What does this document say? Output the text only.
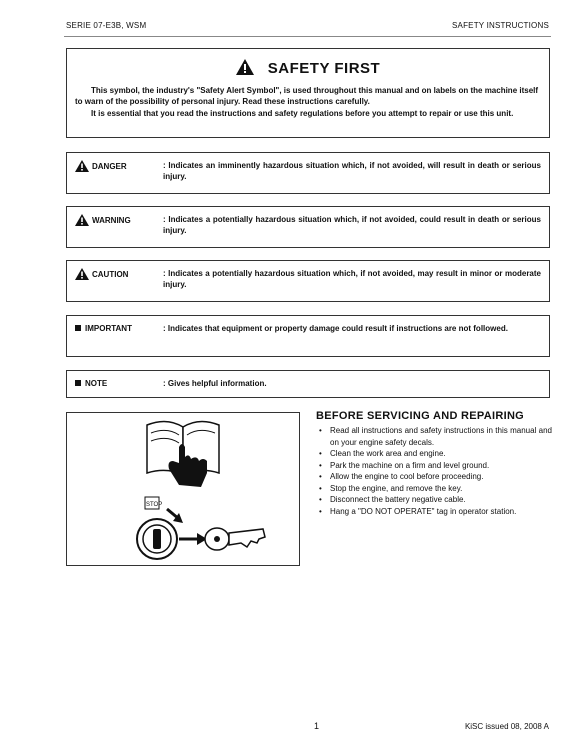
SERIE 07-E3B, WSM	SAFETY INSTRUCTIONS
SAFETY FIRST
This symbol, the industry's "Safety Alert Symbol", is used throughout this manual and on labels on the machine itself to warn of the possibility of personal injury. Read these instructions carefully.
It is essential that you read the instructions and safety regulations before you attempt to repair or use this unit.
DANGER	: Indicates an imminently hazardous situation which, if not avoided, will result in death or serious injury.
WARNING	: Indicates a potentially hazardous situation which, if not avoided, could result in death or serious injury.
CAUTION	: Indicates a potentially hazardous situation which, if not avoided, may result in minor or moderate injury.
IMPORTANT	: Indicates that equipment or property damage could result if instructions are not followed.
NOTE	: Gives helpful information.
STOP
BEFORE SERVICING AND REPAIRING
• Read all instructions and safety instructions in this manual and on your engine safety decals.
• Clean the work area and engine.
• Park the machine on a firm and level ground.
• Allow the engine to cool before proceeding.
• Stop the engine, and remove the key.
• Disconnect the battery negative cable.
• Hang a "DO NOT OPERATE" tag in operator station.
1	KiSC issued 08, 2008 A
